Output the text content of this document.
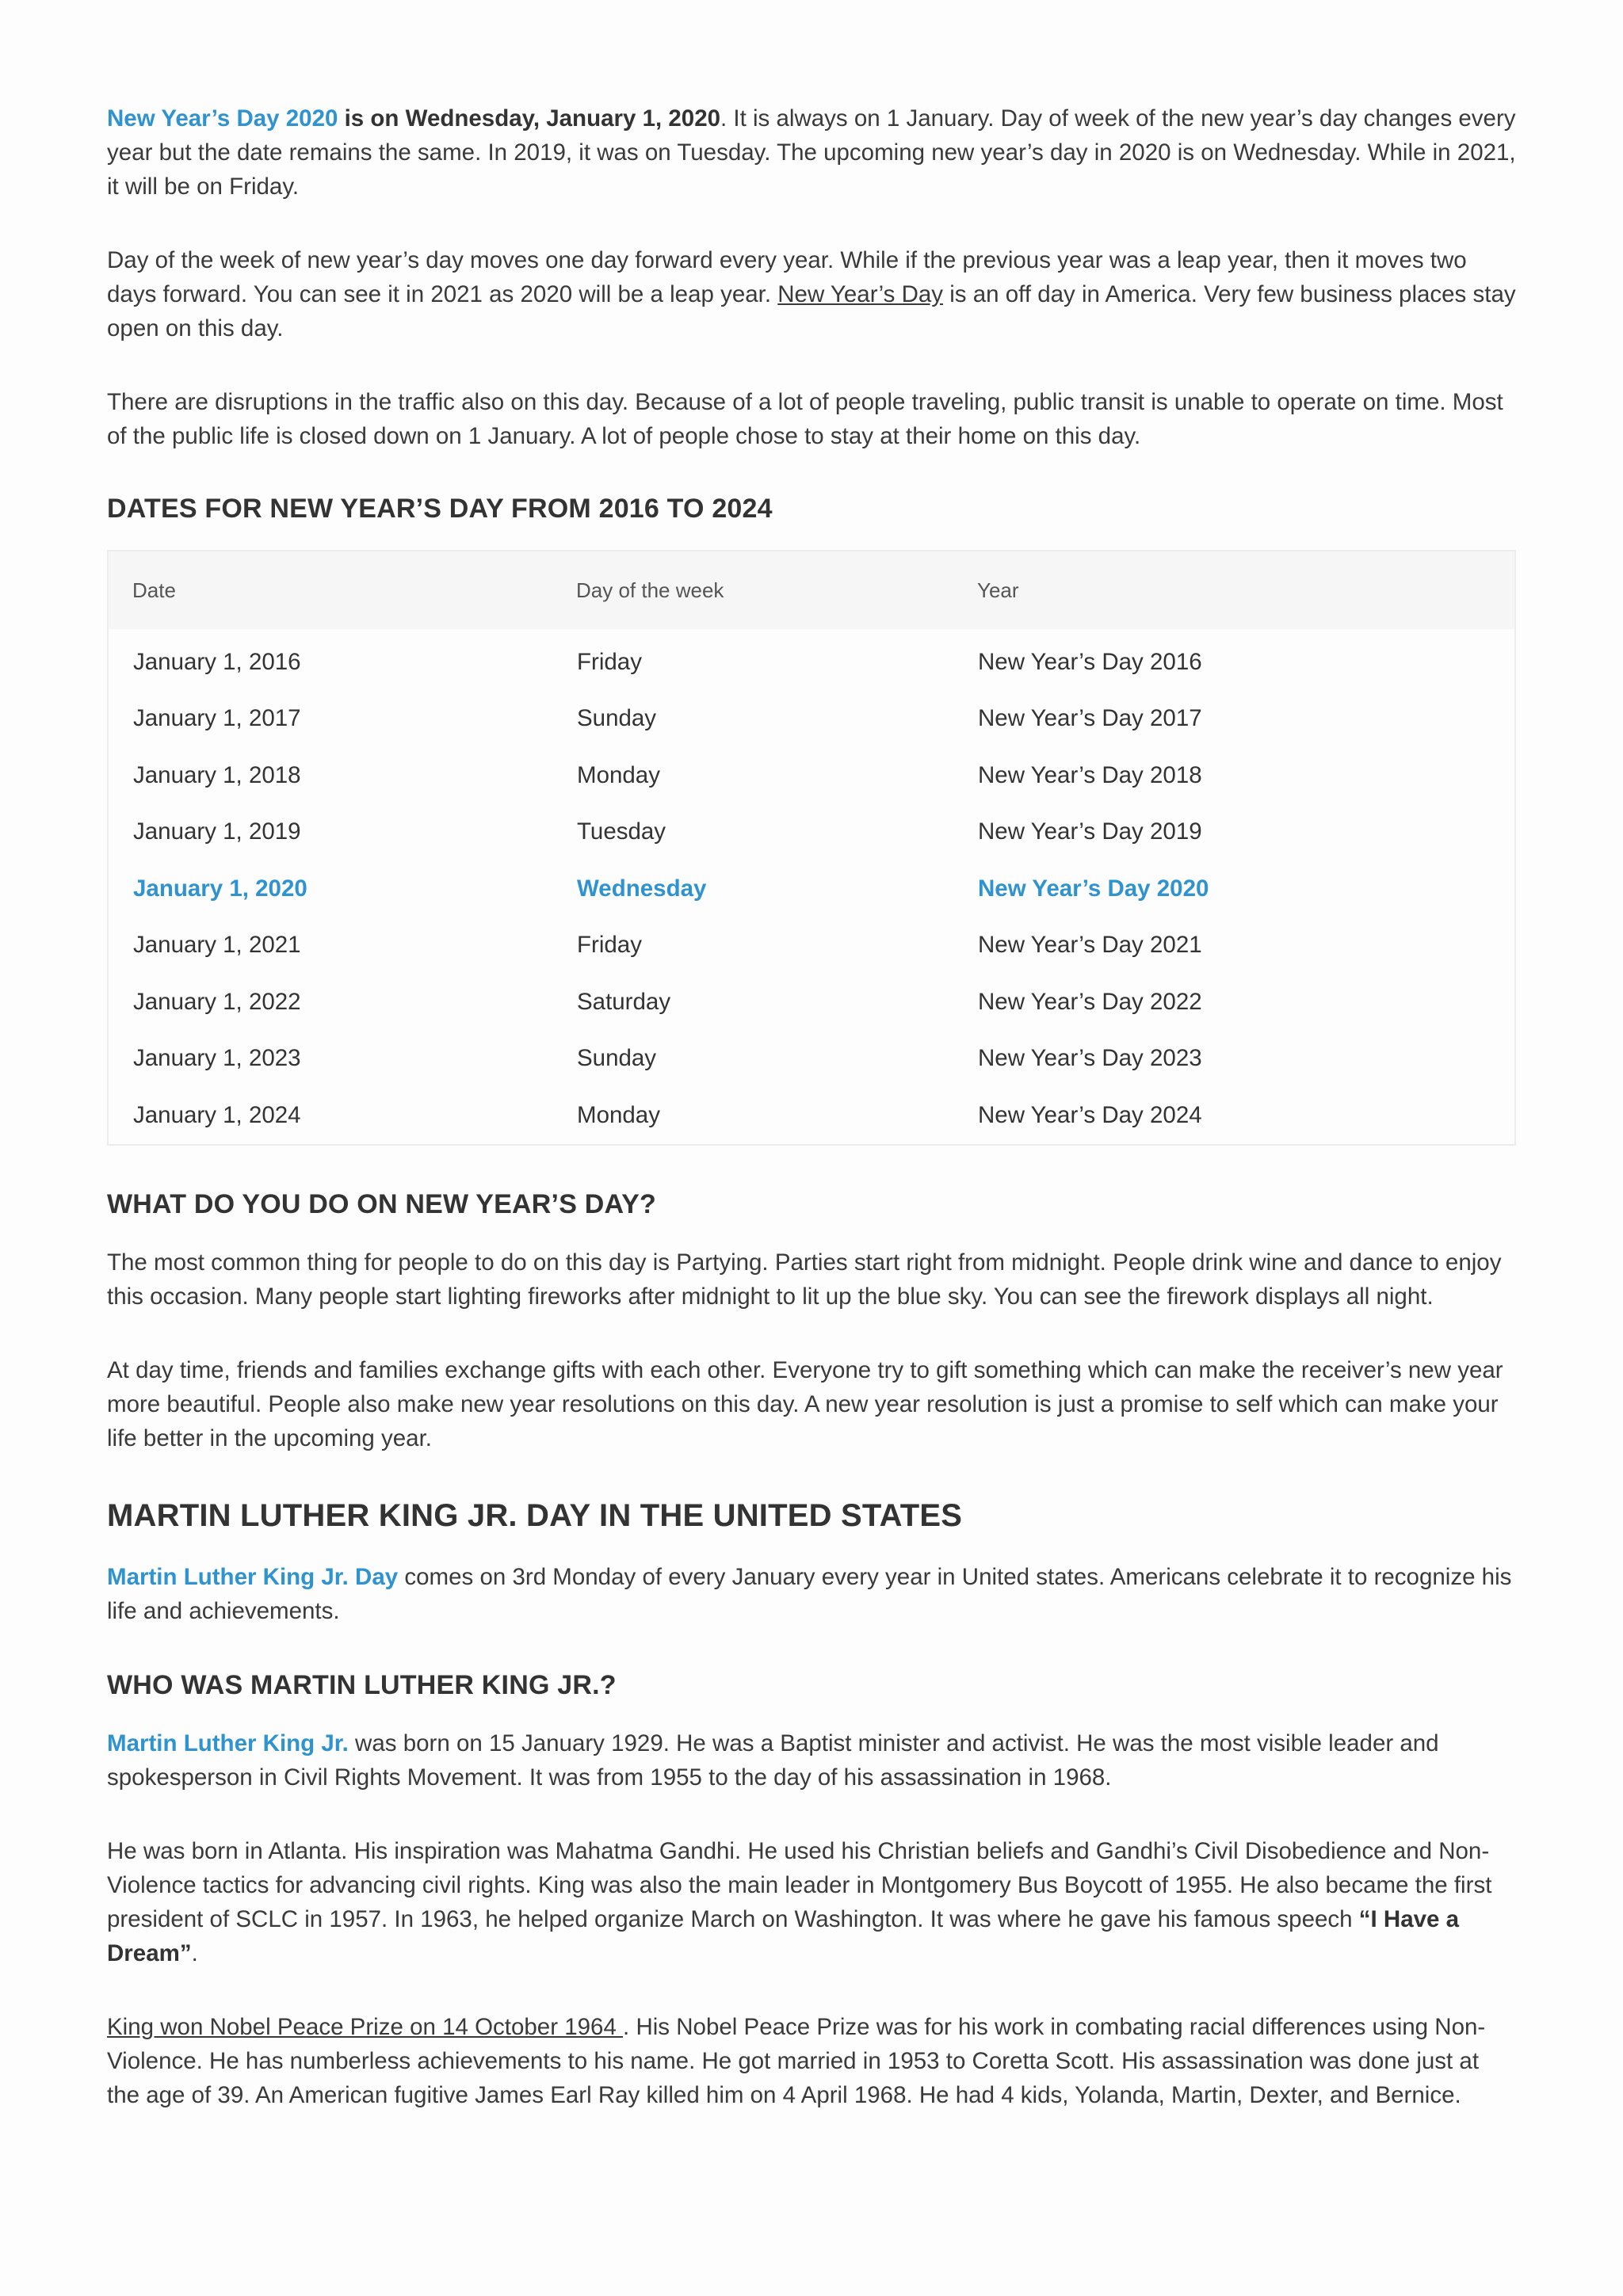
New Year’s Day 2020 is on Wednesday, January 1, 2020. It is always on 1 January. Day of week of the new year’s day changes every year but the date remains the same. In 2019, it was on Tuesday. The upcoming new year’s day in 2020 is on Wednesday. While in 2021, it will be on Friday.

Day of the week of new year’s day moves one day forward every year. While if the previous year was a leap year, then it moves two days forward. You can see it in 2021 as 2020 will be a leap year. New Year’s Day is an off day in America. Very few business places stay open on this day.

There are disruptions in the traffic also on this day. Because of a lot of people traveling, public transit is unable to operate on time. Most of the public life is closed down on 1 January. A lot of people chose to stay at their home on this day.

DATES FOR NEW YEAR’S DAY FROM 2016 TO 2024
Date	Day of the week	Year
January 1, 2016	Friday	New Year’s Day 2016
January 1, 2017	Sunday	New Year’s Day 2017
January 1, 2018	Monday	New Year’s Day 2018
January 1, 2019	Tuesday	New Year’s Day 2019
January 1, 2020	Wednesday	New Year’s Day 2020
January 1, 2021	Friday	New Year’s Day 2021
January 1, 2022	Saturday	New Year’s Day 2022
January 1, 2023	Sunday	New Year’s Day 2023
January 1, 2024	Monday	New Year’s Day 2024
WHAT DO YOU DO ON NEW YEAR’S DAY?

The most common thing for people to do on this day is Partying. Parties start right from midnight. People drink wine and dance to enjoy this occasion. Many people start lighting fireworks after midnight to lit up the blue sky. You can see the firework displays all night.

At day time, friends and families exchange gifts with each other. Everyone try to gift something which can make the receiver’s new year more beautiful. People also make new year resolutions on this day. A new year resolution is just a promise to self which can make your life better in the upcoming year.

MARTIN LUTHER KING JR. DAY IN THE UNITED STATES

Martin Luther King Jr. Day comes on 3rd Monday of every January every year in United states. Americans celebrate it to recognize his life and achievements.

WHO WAS MARTIN LUTHER KING JR.?

Martin Luther King Jr. was born on 15 January 1929. He was a Baptist minister and activist. He was the most visible leader and spokesperson in Civil Rights Movement. It was from 1955 to the day of his assassination in 1968.

He was born in Atlanta. His inspiration was Mahatma Gandhi. He used his Christian beliefs and Gandhi’s Civil Disobedience and Non-Violence tactics for advancing civil rights. King was also the main leader in Montgomery Bus Boycott of 1955. He also became the first president of SCLC in 1957. In 1963, he helped organize March on Washington. It was where he gave his famous speech “I Have a Dream”.

King won Nobel Peace Prize on 14 October 1964 . His Nobel Peace Prize was for his work in combating racial differences using Non-Violence. He has numberless achievements to his name. He got married in 1953 to Coretta Scott. His assassination was done just at the age of 39. An American fugitive James Earl Ray killed him on 4 April 1968. He had 4 kids, Yolanda, Martin, Dexter, and Bernice.
